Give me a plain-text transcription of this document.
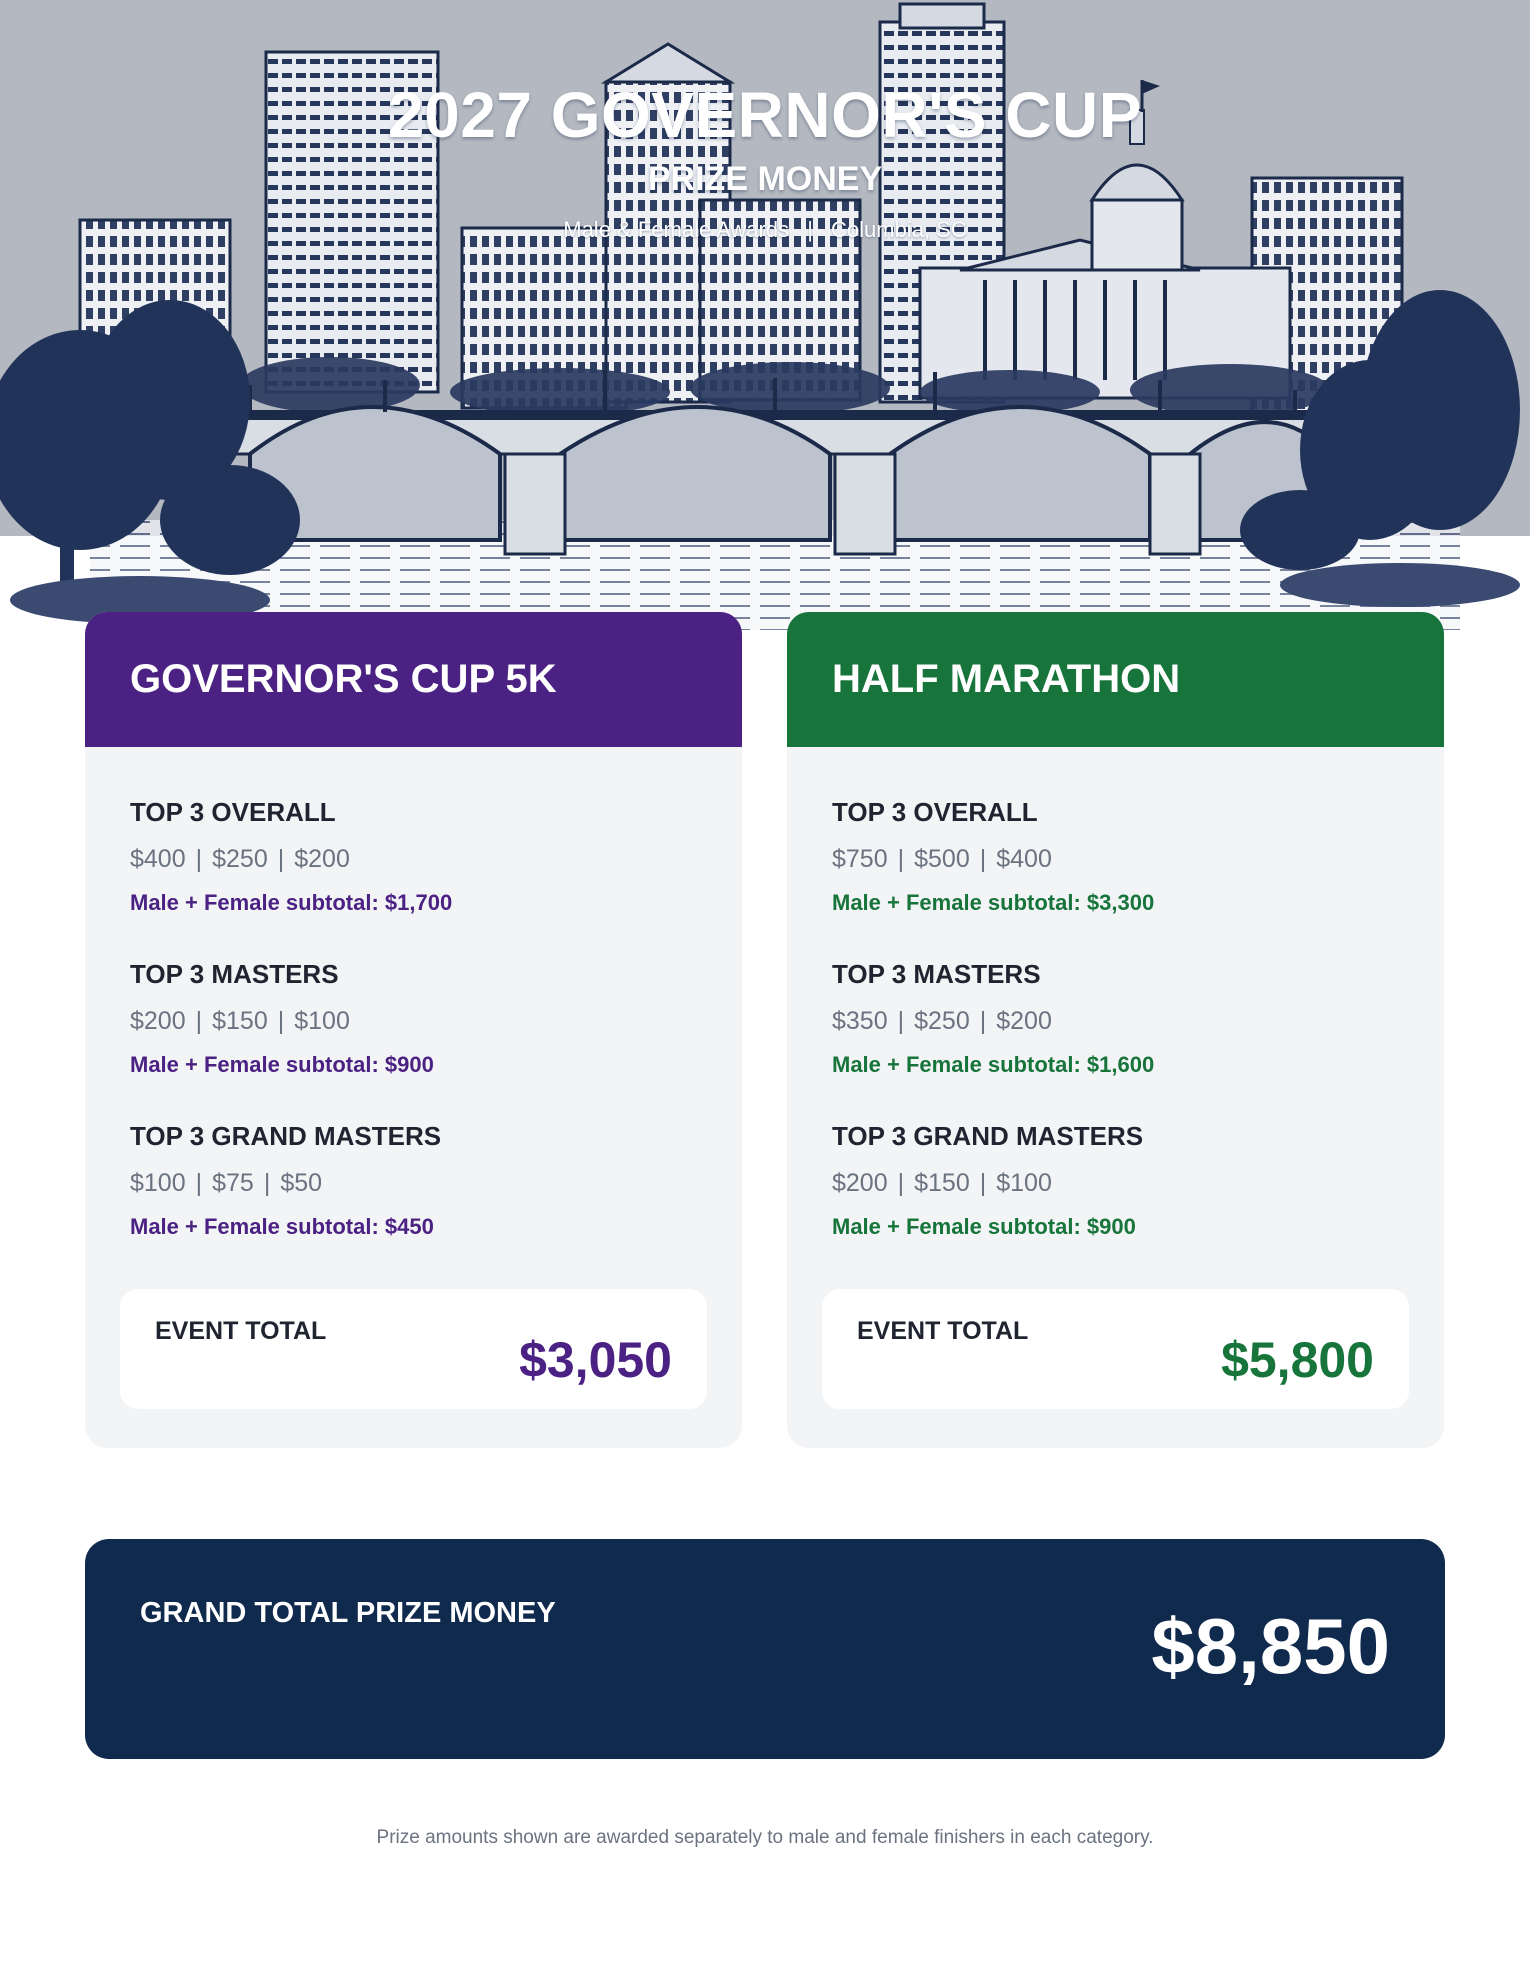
2027 GOVERNOR'S CUP
PRIZE MONEY
Male & Female Awards | Columbia, SC
GOVERNOR'S CUP 5K
TOP 3 OVERALL
$400 | $250 | $200
Male + Female subtotal: $1,700
TOP 3 MASTERS
$200 | $150 | $100
Male + Female subtotal: $900
TOP 3 GRAND MASTERS
$100 | $75 | $50
Male + Female subtotal: $450
EVENT TOTAL
$3,050
HALF MARATHON
TOP 3 OVERALL
$750 | $500 | $400
Male + Female subtotal: $3,300
TOP 3 MASTERS
$350 | $250 | $200
Male + Female subtotal: $1,600
TOP 3 GRAND MASTERS
$200 | $150 | $100
Male + Female subtotal: $900
EVENT TOTAL
$5,800
GRAND TOTAL PRIZE MONEY	$8,850
Prize amounts shown are awarded separately to male and female finishers in each category.
